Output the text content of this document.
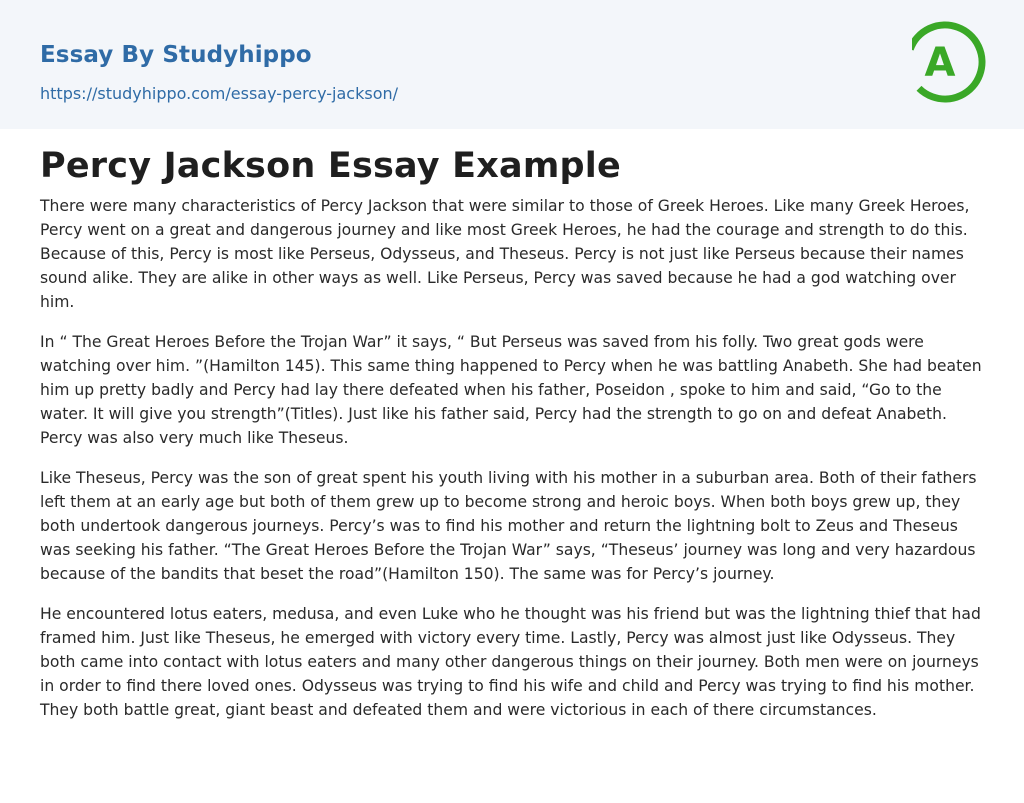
Essay By Studyhippo
https://studyhippo.com/essay-percy-jackson/
A
Percy Jackson Essay Example

There were many characteristics of Percy Jackson that were similar to those of Greek Heroes. Like many Greek Heroes, Percy went on a great and dangerous journey and like most Greek Heroes, he had the courage and strength to do this. Because of this, Percy is most like Perseus, Odysseus, and Theseus. Percy is not just like Perseus because their names sound alike. They are alike in other ways as well. Like Perseus, Percy was saved because he had a god watching over him.

In “ The Great Heroes Before the Trojan War” it says, “ But Perseus was saved from his folly. Two great gods were watching over him. ”(Hamilton 145). This same thing happened to Percy when he was battling Anabeth. She had beaten him up pretty badly and Percy had lay there defeated when his father, Poseidon , spoke to him and said, “Go to the water. It will give you strength”(Titles). Just like his father said, Percy had the strength to go on and defeat Anabeth. Percy was also very much like Theseus.

Like Theseus, Percy was the son of great spent his youth living with his mother in a suburban area. Both of their fathers left them at an early age but both of them grew up to become strong and heroic boys. When both boys grew up, they both undertook dangerous journeys. Percy’s was to find his mother and return the lightning bolt to Zeus and Theseus was seeking his father. “The Great Heroes Before the Trojan War” says, “Theseus’ journey was long and very hazardous because of the bandits that beset the road”(Hamilton 150). The same was for Percy’s journey.

He encountered lotus eaters, medusa, and even Luke who he thought was his friend but was the lightning thief that had framed him. Just like Theseus, he emerged with victory every time. Lastly, Percy was almost just like Odysseus. They both came into contact with lotus eaters and many other dangerous things on their journey. Both men were on journeys in order to find there loved ones. Odysseus was trying to find his wife and child and Percy was trying to find his mother. They both battle great, giant beast and defeated them and were victorious in each of there circumstances.
